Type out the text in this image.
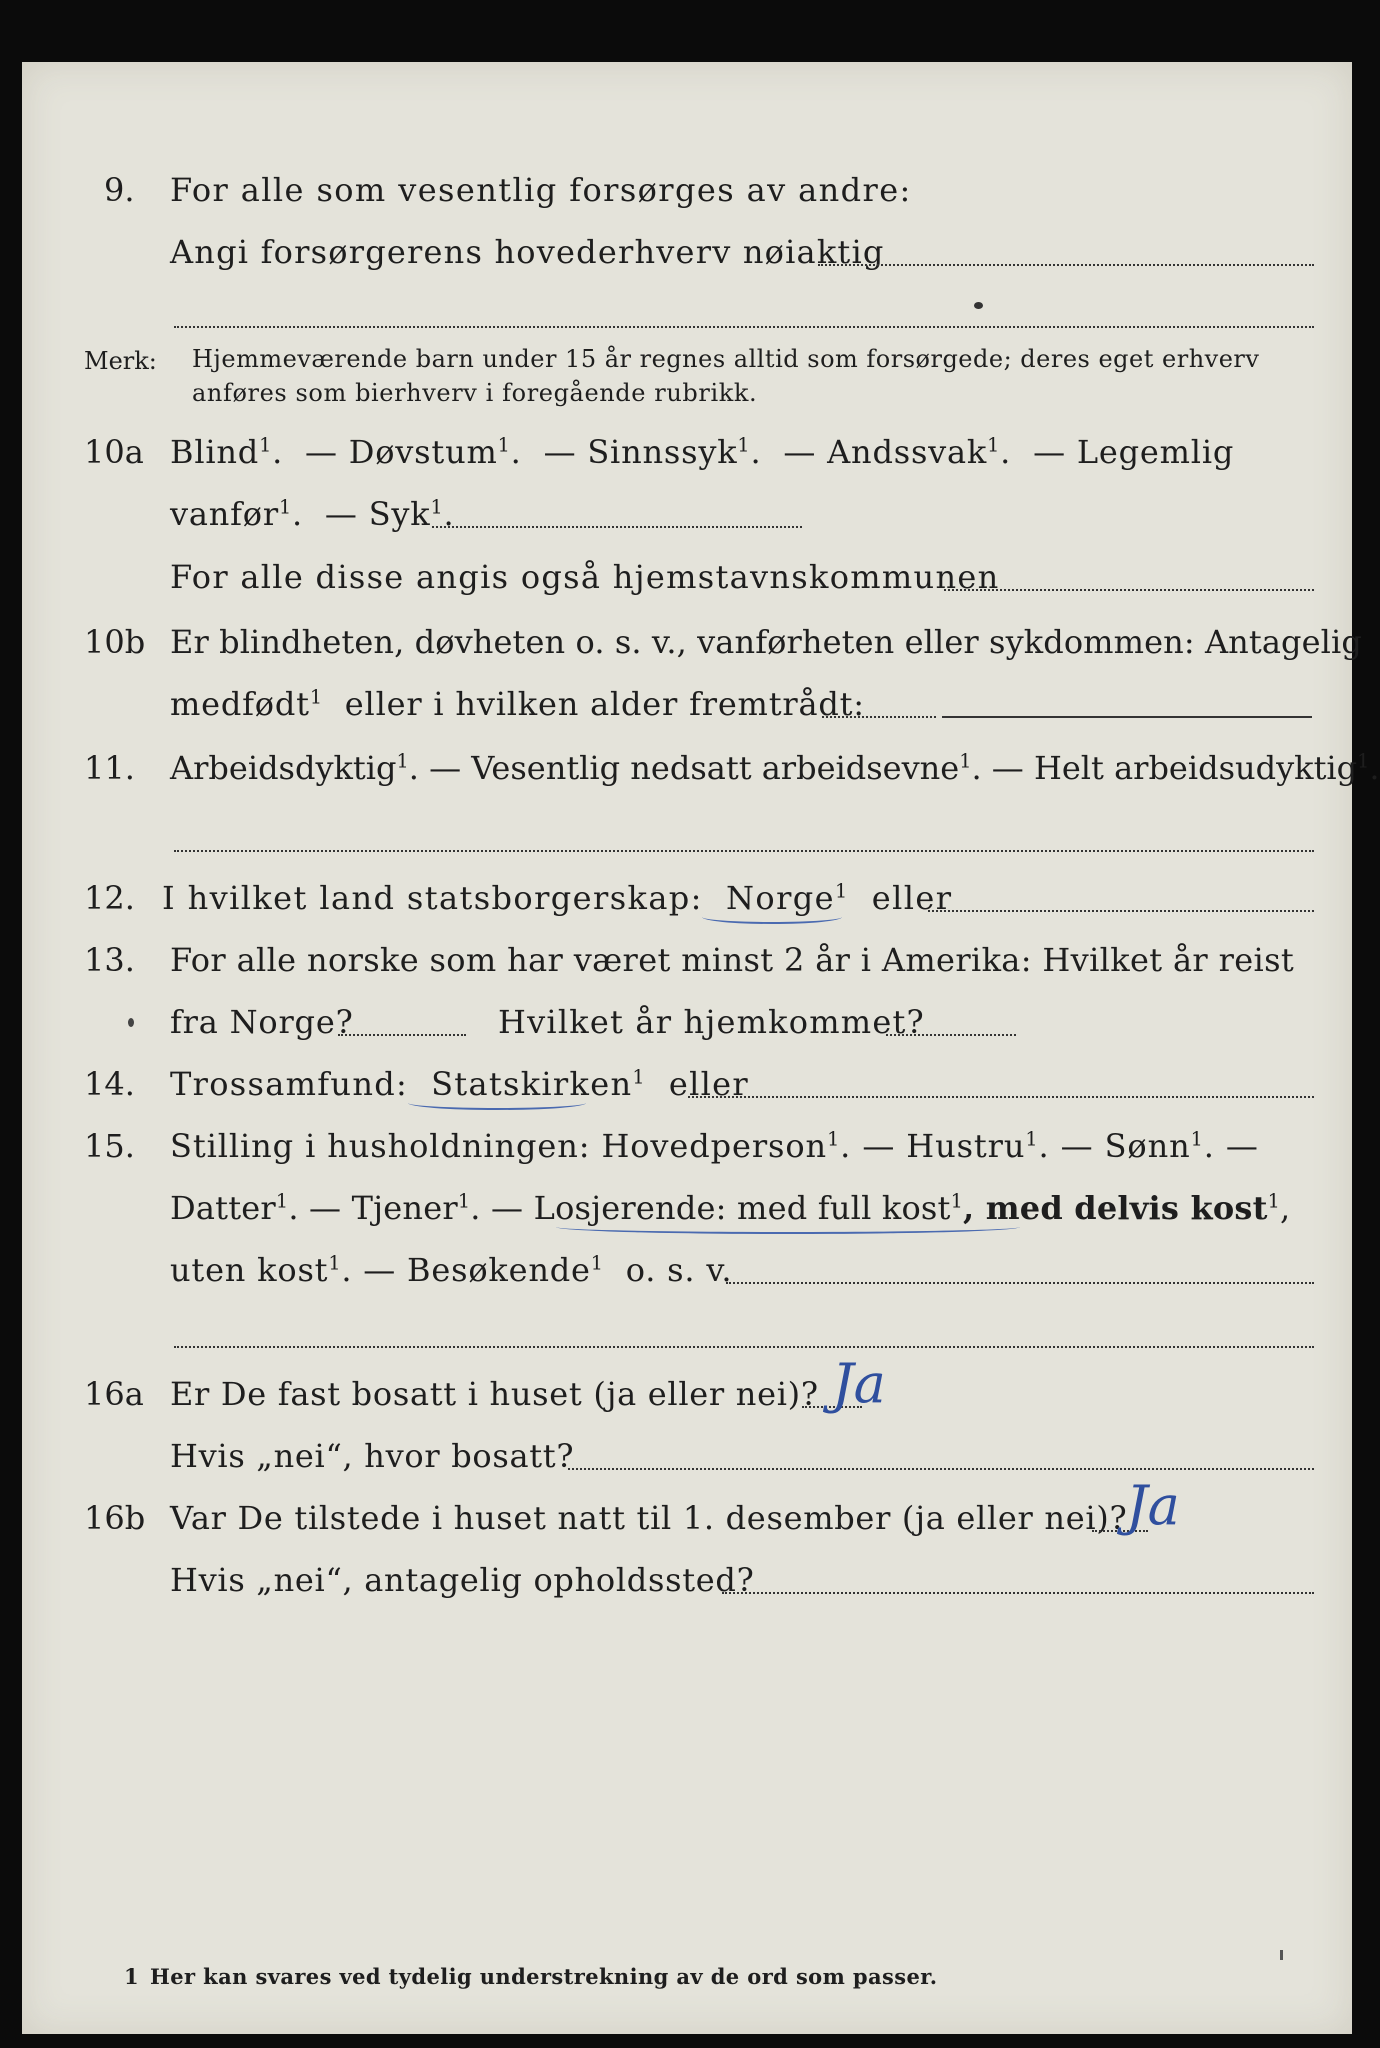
9.	For alle som vesentlig forsørges av andre:
Angi forsørgerens hovederhverv nøiaktig
Merk: Hjemmeværende barn under 15 år regnes alltid som forsørgede; deres eget erhverv
anføres som bierhverv i foregående rubrikk.
10a Blind$^1$.  — Døvstum$^1$.  — Sinnssyk$^1$.  — Andssvak$^1$.  — Legemlig
vanfør$^1$.  — Syk$^1$.
For alle disse angis også hjemstavnskommunen
10b Er blindheten, døvheten o. s. v., vanførheten eller sykdommen: Antagelig
medfødt$^1$ eller i hvilken alder fremtrådt:
11.	Arbeidsdyktig$^1$. — Vesentlig nedsatt arbeidsevne$^1$. — Helt arbeidsudyktig$^1$.
12. I hvilket land statsborgerskap: Norge$^1$ eller
13.	For alle norske som har været minst 2 år i Amerika: Hvilket år reist
fra Norge?	Hvilket år hjemkommet?
14.	Trossamfund: Statskirken$^1$ eller
15.	Stilling i husholdningen: Hovedperson$^1$. — Hustru$^1$. — Sønn$^1$. —
Datter$^1$. — Tjener$^1$. — Losjerende: med full kost$^1$, med delvis kost$^1$,
uten kost$^1$. — Besøkende$^1$ o. s. v.
16a Er De fast bosatt i huset (ja eller nei)? Ja
Hvis „nei“, hvor bosatt?
16b Var De tilstede i huset natt til 1. desember (ja eller nei)?
Ja
Hvis „nei“, antagelig opholdssted?
1 Her kan svares ved tydelig understrekning av de ord som passer.
